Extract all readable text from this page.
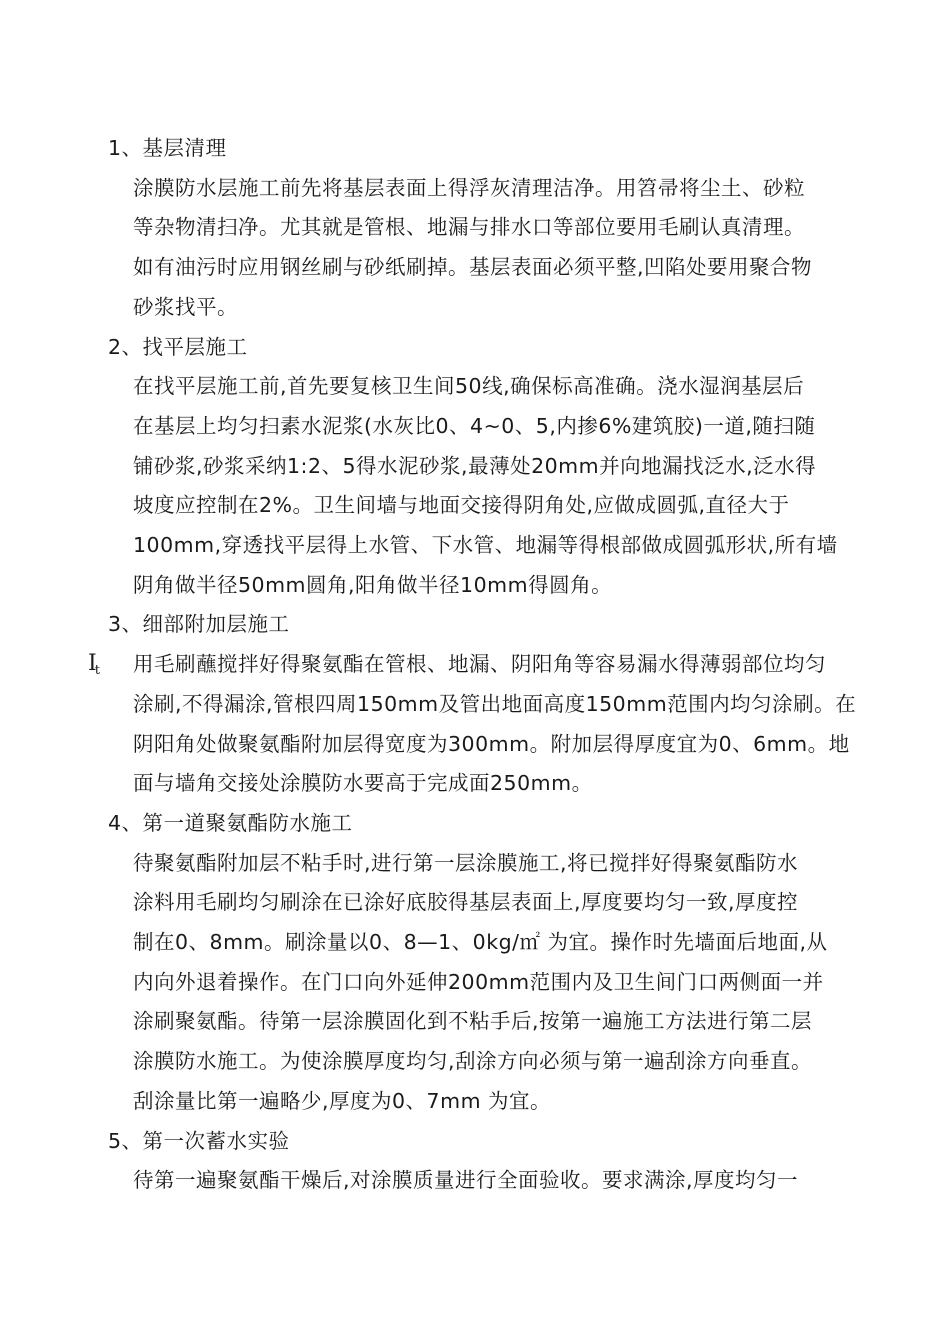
1、基层清理
涂膜防水层施工前先将基层表面上得浮灰清理洁净。用笤帚将尘土、砂粒
等杂物清扫净。尤其就是管根、地漏与排水口等部位要用毛刷认真清理。
如有油污时应用钢丝刷与砂纸刷掉。基层表面必须平整,凹陷处要用聚合物
砂浆找平。
2、找平层施工
在找平层施工前,首先要复核卫生间50线,确保标高准确。浇水湿润基层后
在基层上均匀扫素水泥浆(水灰比0、4~0、5,内掺6%建筑胶)一道,随扫随
铺砂浆,砂浆采纳1:2、5得水泥砂浆,最薄处20mm并向地漏找泛水,泛水得
坡度应控制在2%。卫生间墙与地面交接得阴角处,应做成圆弧,直径大于
100mm,穿透找平层得上水管、下水管、地漏等得根部做成圆弧形状,所有墙
阴角做半径50mm圆角,阳角做半径10mm得圆角。
3、细部附加层施工
用毛刷蘸搅拌好得聚氨酯在管根、地漏、阴阳角等容易漏水得薄弱部位均匀
$I_t$
涂刷,不得漏涂,管根四周150mm及管出地面高度150mm范围内均匀涂刷。在
阴阳角处做聚氨酯附加层得宽度为300mm。附加层得厚度宜为0、6mm。地
面与墙角交接处涂膜防水要高于完成面250mm。
4、第一道聚氨酯防水施工
待聚氨酯附加层不粘手时,进行第一层涂膜施工,将已搅拌好得聚氨酯防水
涂料用毛刷均匀刷涂在已涂好底胶得基层表面上,厚度要均匀一致,厚度控
制在0、8mm。刷涂量以0、8—1、0kg/㎡ 为宜。操作时先墙面后地面,从
内向外退着操作。在门口向外延伸200mm范围内及卫生间门口两侧面一并
涂刷聚氨酯。待第一层涂膜固化到不粘手后,按第一遍施工方法进行第二层
涂膜防水施工。为使涂膜厚度均匀,刮涂方向必须与第一遍刮涂方向垂直。
刮涂量比第一遍略少,厚度为0、7mm 为宜。
5、第一次蓄水实验
待第一遍聚氨酯干燥后,对涂膜质量进行全面验收。要求满涂,厚度均匀一
